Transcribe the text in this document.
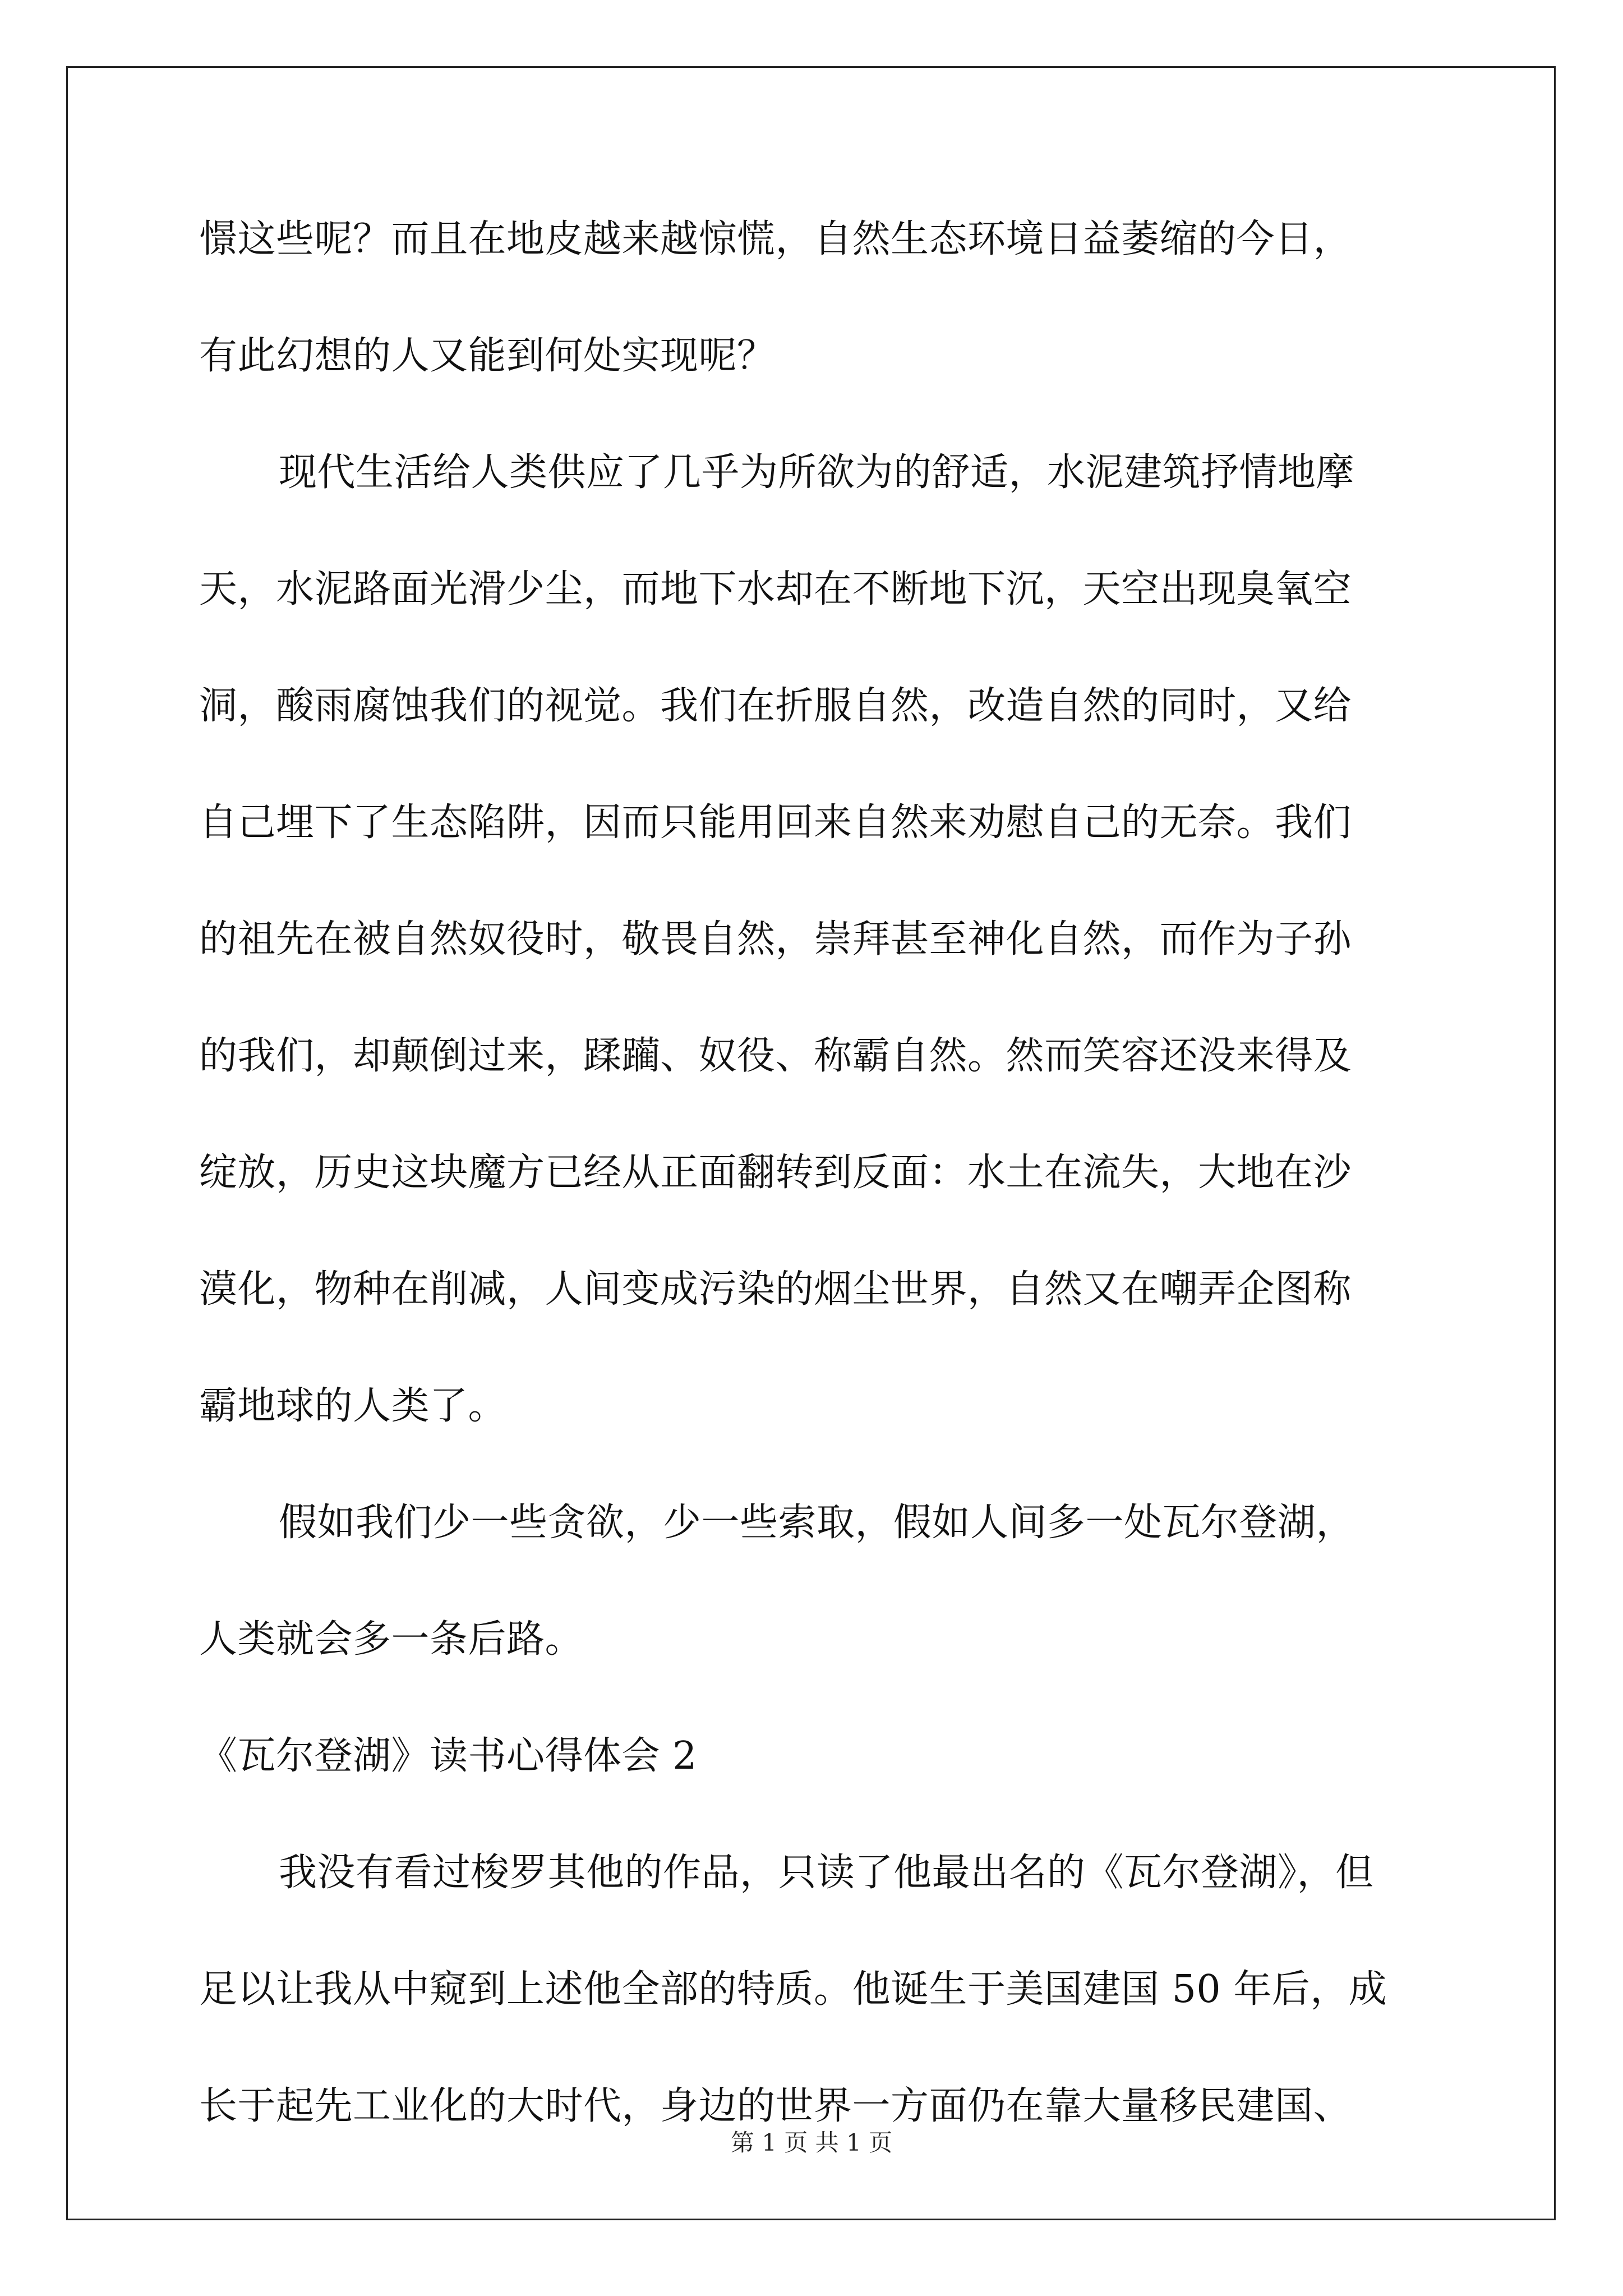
憬这些呢？而且在地皮越来越惊慌，自然生态环境日益萎缩的今日，
有此幻想的人又能到何处实现呢？
现代生活给人类供应了几乎为所欲为的舒适，水泥建筑抒情地摩
天，水泥路面光滑少尘，而地下水却在不断地下沉，天空出现臭氧空
洞，酸雨腐蚀我们的视觉。我们在折服自然，改造自然的同时，又给
自己埋下了生态陷阱，因而只能用回来自然来劝慰自己的无奈。我们
的祖先在被自然奴役时，敬畏自然，崇拜甚至神化自然，而作为子孙
的我们，却颠倒过来，蹂躏、奴役、称霸自然。然而笑容还没来得及
绽放，历史这块魔方已经从正面翻转到反面：水土在流失，大地在沙
漠化，物种在削减，人间变成污染的烟尘世界，自然又在嘲弄企图称
霸地球的人类了。
假如我们少一些贪欲，少一些索取，假如人间多一处瓦尔登湖，
人类就会多一条后路。
《瓦尔登湖》读书心得体会 2
我没有看过梭罗其他的作品，只读了他最出名的《瓦尔登湖》，但
足以让我从中窥到上述他全部的特质。他诞生于美国建国 50 年后，成
长于起先工业化的大时代，身边的世界一方面仍在靠大量移民建国、
第 1 页 共 1 页
